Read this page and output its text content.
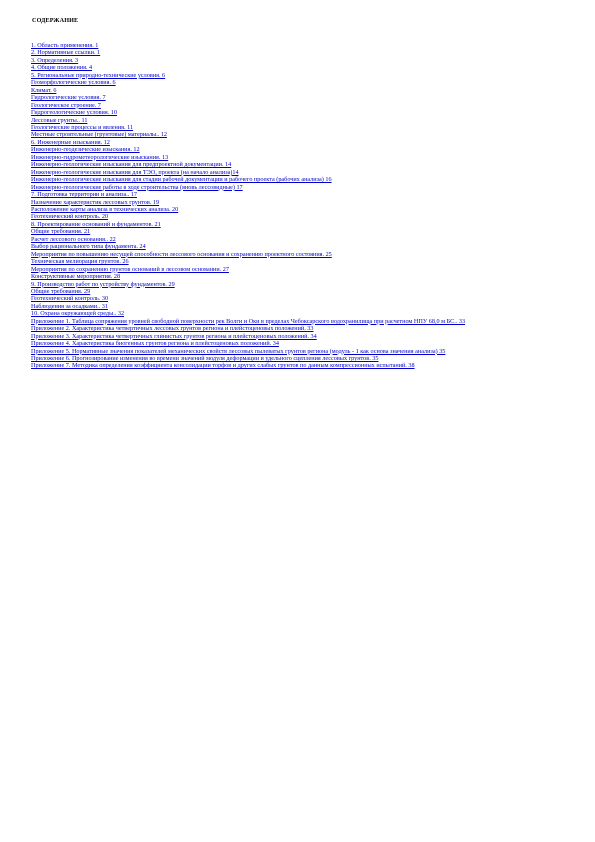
СОДЕРЖАНИЕ
1. Область применения. 1
2. Нормативные ссылки. 1
3. Определения. 3
4. Общие положения. 4
5. Региональные природно-технические условия. 6
Геоморфологические условия. 6
Климат. 6
Гидрологические условия. 7
Геологическое строение. 7
Гидрогеологические условия. 10
Лессовые грунты.. 11
Геологические процессы и явления. 11
Местные строительные (грунтовые) материалы.. 12
6. Инженерные изыскания. 12
Инженерно-геодезические изыскания. 12
Инженерно-гидрометеорологические изыскания. 13
Инженерно-геологические изыскания для предпроектной документации. 14
Инженерно-геологические изыскания для ТЭО, проекта (на начало анализа)14
Инженерно-геологические изыскания для стадии рабочей документации и рабочего проекта (рабочих анализа) 16
Инженерно-геологические работы в ходе строительства (вновь лессовидные) 17
7. Подготовка территории и анализа.. 17
Назначение характеристик лессовых грунтов. 19
Расположение карты анализа в технических анализа. 20
Геотехнический контроль. 20
8. Проектирование оснований и фундаментов. 21
Общие требования. 21
Расчет лессового основания.. 22
Выбор рационального типа фундамента. 24
Мероприятия по повышению несущей способности лессового основания и сохранению проектного состояния. 25
Техническая мелиорация грунтов. 26
Мероприятия по сохранению грунтов оснований в лессовом основании. 27
Конструктивные мероприятия. 28
9. Производство работ по устройству фундаментов. 29
Общие требования. 29
Геотехнический контроль. 30
Наблюдения за осадками.. 31
10. Охрана окружающей среды.. 32
Приложение 1. Таблица сопряжения уровней свободной поверхности рек Волги и Оки в пределах Чебоксарского водохранилища при расчетном НПУ 68,0 м БС.. 33
Приложение 2. Характеристика четвертичных лессовых грунтов региона и плейстоценовых положений. 33
Приложение 3. Характеристика четвертичных глинистых грунтов региона и плейстоценовых положений. 34
Приложение 4. Характеристика биогенных грунтов региона и плейстоценовых положений. 34
Приложение 5. Нормативные значения показателей механических свойств лессовых пылеватых грунтов региона (модуль - 1 как основа значения анализа) 35
Приложение 6. Прогнозирование изменения во времени значений модуля деформации и удельного сцепления лессовых грунтов. 35
Приложение 7. Методика определения коэффициента консолидации торфов и других слабых грунтов по данным компрессионных испытаний. 38
